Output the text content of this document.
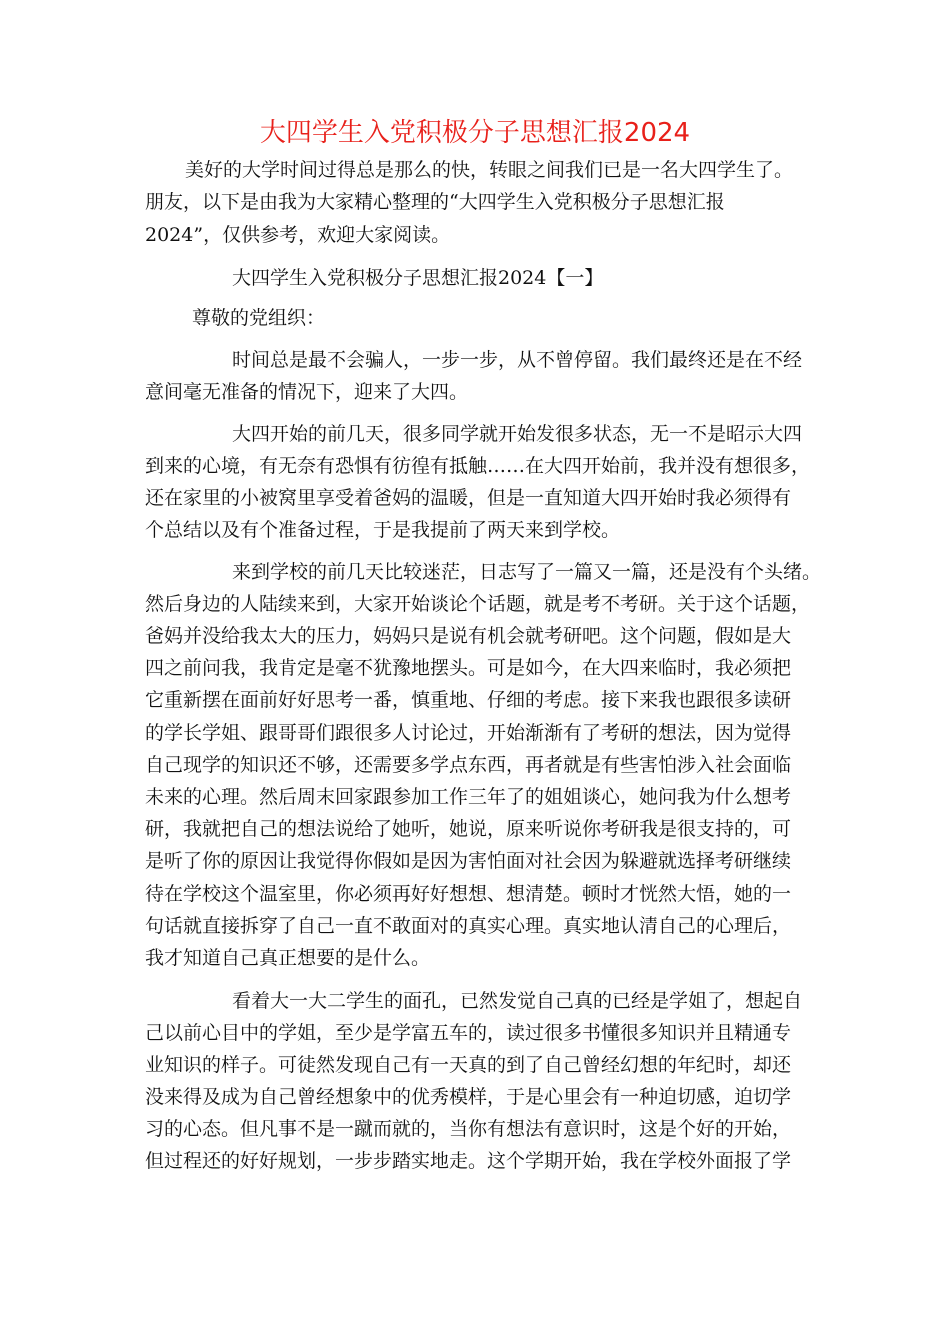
大四学生入党积极分子思想汇报2024

美好的大学时间过得总是那么的快，转眼之间我们已是一名大四学生了。

朋友，以下是由我为大家精心整理的“大四学生入党积极分子思想汇报

2024”，仅供参考，欢迎大家阅读。

大四学生入党积极分子思想汇报2024【一】

尊敬的党组织：

时间总是最不会骗人，一步一步，从不曾停留。我们最终还是在不经

意间毫无准备的情况下，迎来了大四。

大四开始的前几天，很多同学就开始发很多状态，无一不是昭示大四

到来的心境，有无奈有恐惧有彷徨有抵触……在大四开始前，我并没有想很多，

还在家里的小被窝里享受着爸妈的温暖，但是一直知道大四开始时我必须得有

个总结以及有个准备过程，于是我提前了两天来到学校。

来到学校的前几天比较迷茫，日志写了一篇又一篇，还是没有个头绪。

然后身边的人陆续来到，大家开始谈论个话题，就是考不考研。关于这个话题，

爸妈并没给我太大的压力，妈妈只是说有机会就考研吧。这个问题，假如是大

四之前问我，我肯定是毫不犹豫地摆头。可是如今，在大四来临时，我必须把

它重新摆在面前好好思考一番，慎重地、仔细的考虑。接下来我也跟很多读研

的学长学姐、跟哥哥们跟很多人讨论过，开始渐渐有了考研的想法，因为觉得

自己现学的知识还不够，还需要多学点东西，再者就是有些害怕涉入社会面临

未来的心理。然后周末回家跟参加工作三年了的姐姐谈心，她问我为什么想考

研，我就把自己的想法说给了她听，她说，原来听说你考研我是很支持的，可

是听了你的原因让我觉得你假如是因为害怕面对社会因为躲避就选择考研继续

待在学校这个温室里，你必须再好好想想、想清楚。顿时才恍然大悟，她的一

句话就直接拆穿了自己一直不敢面对的真实心理。真实地认清自己的心理后，

我才知道自己真正想要的是什么。

看着大一大二学生的面孔，已然发觉自己真的已经是学姐了，想起自

己以前心目中的学姐，至少是学富五车的，读过很多书懂很多知识并且精通专

业知识的样子。可徒然发现自己有一天真的到了自己曾经幻想的年纪时，却还

没来得及成为自己曾经想象中的优秀模样，于是心里会有一种迫切感，迫切学

习的心态。但凡事不是一蹴而就的，当你有想法有意识时，这是个好的开始，

但过程还的好好规划，一步步踏实地走。这个学期开始，我在学校外面报了学
